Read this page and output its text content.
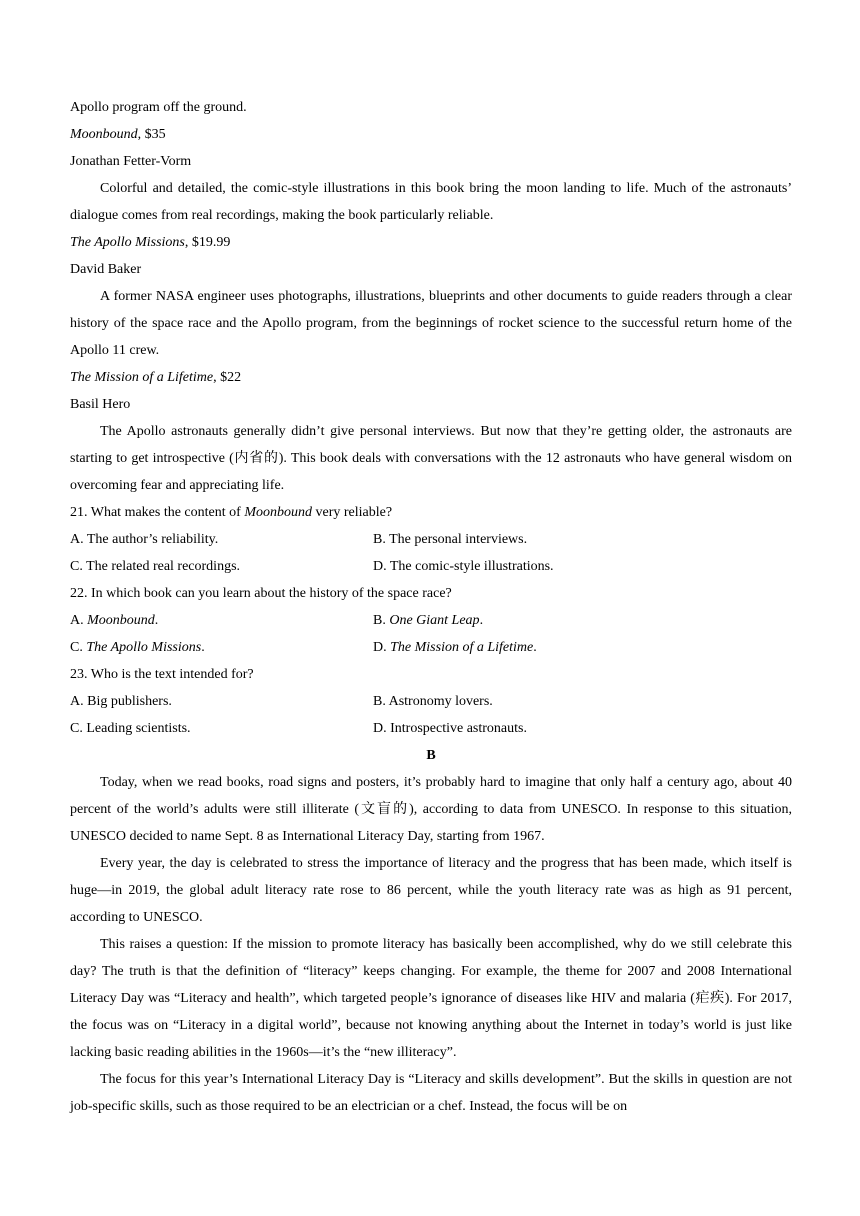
Apollo program off the ground.
Moonbound, $35
Jonathan Fetter-Vorm
Colorful and detailed, the comic-style illustrations in this book bring the moon landing to life. Much of the astronauts’ dialogue comes from real recordings, making the book particularly reliable.
The Apollo Missions, $19.99
David Baker
A former NASA engineer uses photographs, illustrations, blueprints and other documents to guide readers through a clear history of the space race and the Apollo program, from the beginnings of rocket science to the successful return home of the Apollo 11 crew.
The Mission of a Lifetime, $22
Basil Hero
The Apollo astronauts generally didn’t give personal interviews. But now that they’re getting older, the astronauts are starting to get introspective (内省的). This book deals with conversations with the 12 astronauts who have general wisdom on overcoming fear and appreciating life.
21. What makes the content of Moonbound very reliable?
A. The author’s reliability.	B. The personal interviews.
C. The related real recordings.	D. The comic-style illustrations.
22. In which book can you learn about the history of the space race?
A. Moonbound.	B. One Giant Leap.
C. The Apollo Missions.	D. The Mission of a Lifetime.
23. Who is the text intended for?
A. Big publishers.	B. Astronomy lovers.
C. Leading scientists.	D. Introspective astronauts.
B
Today, when we read books, road signs and posters, it’s probably hard to imagine that only half a century ago, about 40 percent of the world’s adults were still illiterate (文盲的), according to data from UNESCO. In response to this situation, UNESCO decided to name Sept. 8 as International Literacy Day, starting from 1967.
Every year, the day is celebrated to stress the importance of literacy and the progress that has been made, which itself is huge—in 2019, the global adult literacy rate rose to 86 percent, while the youth literacy rate was as high as 91 percent, according to UNESCO.
This raises a question: If the mission to promote literacy has basically been accomplished, why do we still celebrate this day? The truth is that the definition of “literacy” keeps changing. For example, the theme for 2007 and 2008 International Literacy Day was “Literacy and health”, which targeted people’s ignorance of diseases like HIV and malaria (疟疾). For 2017, the focus was on “Literacy in a digital world”, because not knowing anything about the Internet in today’s world is just like lacking basic reading abilities in the 1960s—it’s the “new illiteracy”.
The focus for this year’s International Literacy Day is “Literacy and skills development”. But the skills in question are not job-specific skills, such as those required to be an electrician or a chef. Instead, the focus will be on
